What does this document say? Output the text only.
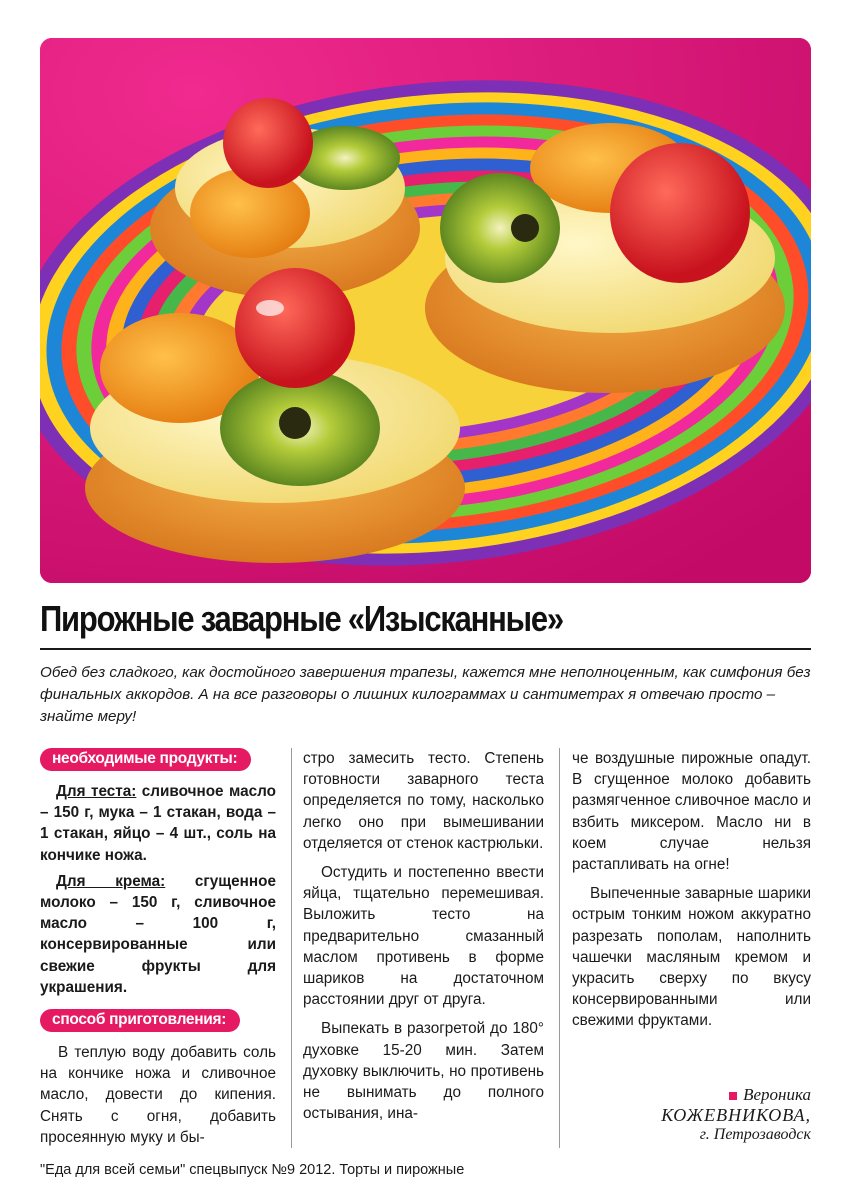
Пирожные заварные «Изысканные»
Обед без сладкого, как достойного завершения трапезы, кажется мне неполноценным, как симфония без финальных аккордов. А на все разговоры о лишних килограммах и сантиметрах я отвечаю просто – знайте меру!
необходимые продукты:

Для теста: сливочное масло – 150 г, мука – 1 стакан, вода – 1 стакан, яйцо – 4 шт., соль на кончике ножа.

Для крема: сгущенное молоко – 150 г, сливочное масло – 100 г, консервированные или свежие фрукты для украшения.

способ приготовления:

В теплую воду добавить соль на кончике ножа и сливочное масло, довести до кипения. Снять с огня, добавить просеянную муку и бы-

стро замесить тесто. Степень готовности заварного теста определяется по тому, насколько легко оно при вымешивании отделяется от стенок кастрюльки.

Остудить и постепенно ввести яйца, тщательно перемешивая. Выложить тесто на предварительно смазанный маслом противень в форме шариков на достаточном расстоянии друг от друга.

Выпекать в разогретой до 180° духовке 15-20 мин. Затем духовку выключить, но противень не вынимать до полного остывания, ина-

че воздушные пирожные опадут. В сгущенное молоко добавить размягченное сливочное масло и взбить миксером. Масло ни в коем случае нельзя растапливать на огне!

Выпеченные заварные шарики острым тонким ножом аккуратно разрезать пополам, наполнить чашечки масляным кремом и украсить сверху по вкусу консервированными или свежими фруктами.

Вероника
КОЖЕВНИКОВА,
г. Петрозаводск
"Еда для всей семьи" спецвыпуск №9 2012. Торты и пирожные
